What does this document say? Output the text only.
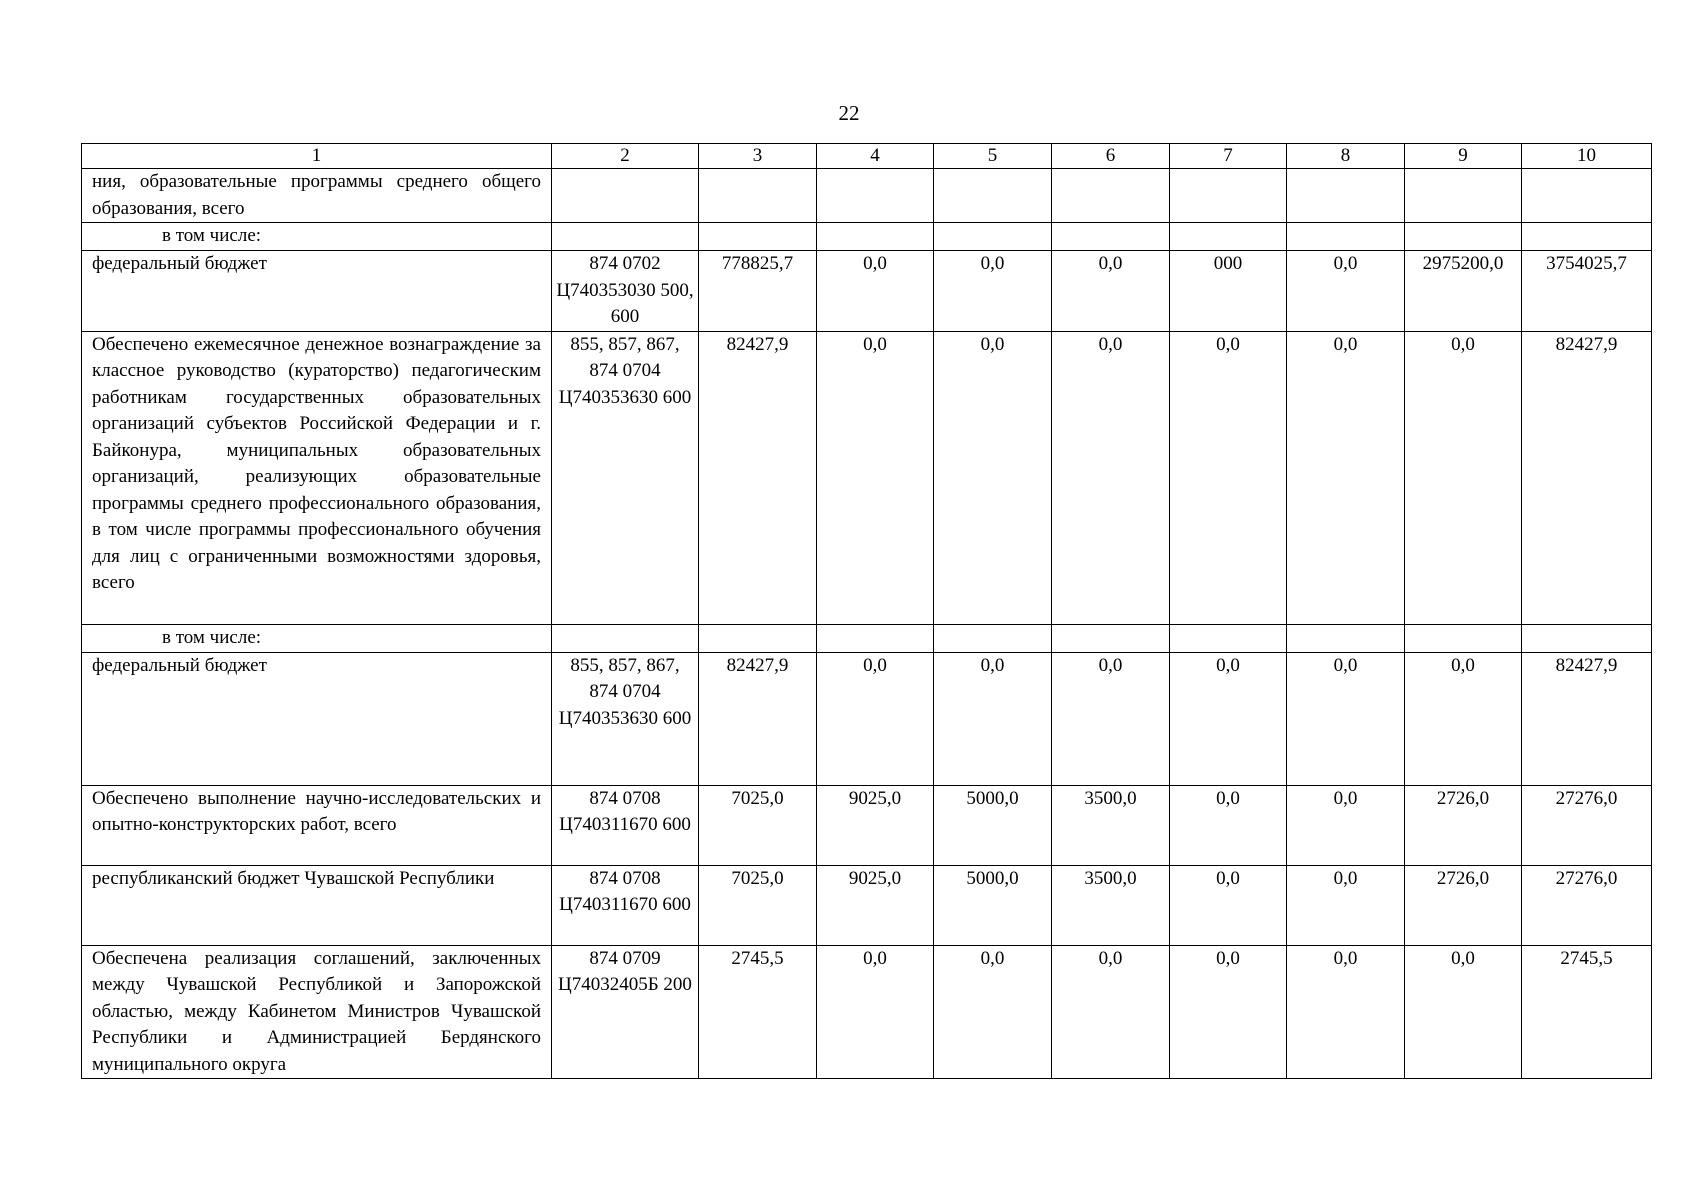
22
1	2	3	4	5	6	7	8	9	10
ния, образовательные программы среднего общего образования, всего									
в том числе:									
федеральный бюджет	874 0702 Ц740353030 500, 600	778825,7	0,0	0,0	0,0	000	0,0	2975200,0	3754025,7
Обеспечено ежемесячное денежное вознаграждение за классное руководство (кураторство) педагогическим работникам государственных образовательных организаций субъектов Российской Федерации и г. Байконура, муниципальных образовательных организаций, реализующих образовательные программы среднего профессионального образования, в том числе программы профессионального обучения для лиц с ограниченными возможностями здоровья, всего	855, 857, 867, 874 0704 Ц740353630 600	82427,9	0,0	0,0	0,0	0,0	0,0	0,0	82427,9
в том числе:									
федеральный бюджет	855, 857, 867, 874 0704 Ц740353630 600	82427,9	0,0	0,0	0,0	0,0	0,0	0,0	82427,9
Обеспечено выполнение научно-исследовательских и опытно-конструкторских работ, всего	874 0708 Ц740311670 600	7025,0	9025,0	5000,0	3500,0	0,0	0,0	2726,0	27276,0
республиканский бюджет Чувашской Республики	874 0708 Ц740311670 600	7025,0	9025,0	5000,0	3500,0	0,0	0,0	2726,0	27276,0
Обеспечена реализация соглашений, заключенных между Чувашской Республикой и Запорожской областью, между Кабинетом Министров Чувашской Республики и Администрацией Бердянского муниципального округа	874 0709 Ц74032405Б 200	2745,5	0,0	0,0	0,0	0,0	0,0	0,0	2745,5
